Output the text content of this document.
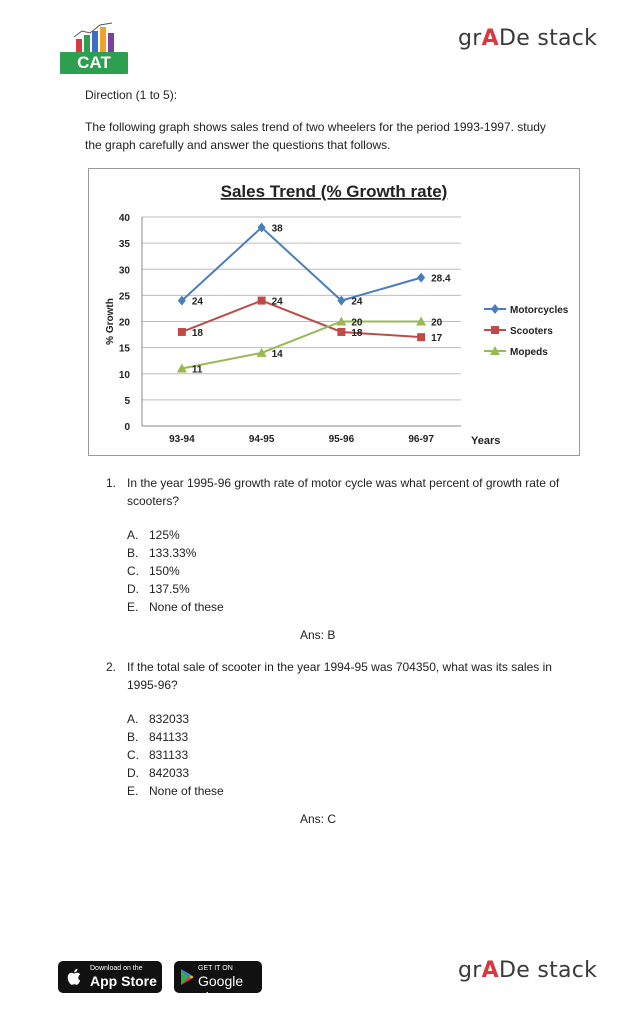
CAT
grADe stack
Direction (1 to 5):
The following graph shows sales trend of two wheelers for the period 1993-1997. study
the graph carefully and answer the questions that follows.
Sales Trend (% Growth rate)
0
5
10
15
20
25
30
35
40
93-94	94-95	95-96	96-97	Years
% Growth	24
38
24
28.4
18
24
18	17
11
14
20	20
Motorcycles
Scooters
Mopeds
1. In the year 1995-96 growth rate of motor cycle was what percent of growth rate of
scooters?
A. 125%
B. 133.33%
C. 150%
D. 137.5%
E. None of these
Ans: B
2. If the total sale of scooter in the year 1994-95 was 704350, what was its sales in
1995-96?
A. 832033
B. 841133
C. 831133
D. 842033
E. None of these
Ans: C
Download on the
App Store
GET IT ON
Google play
grADe stack
